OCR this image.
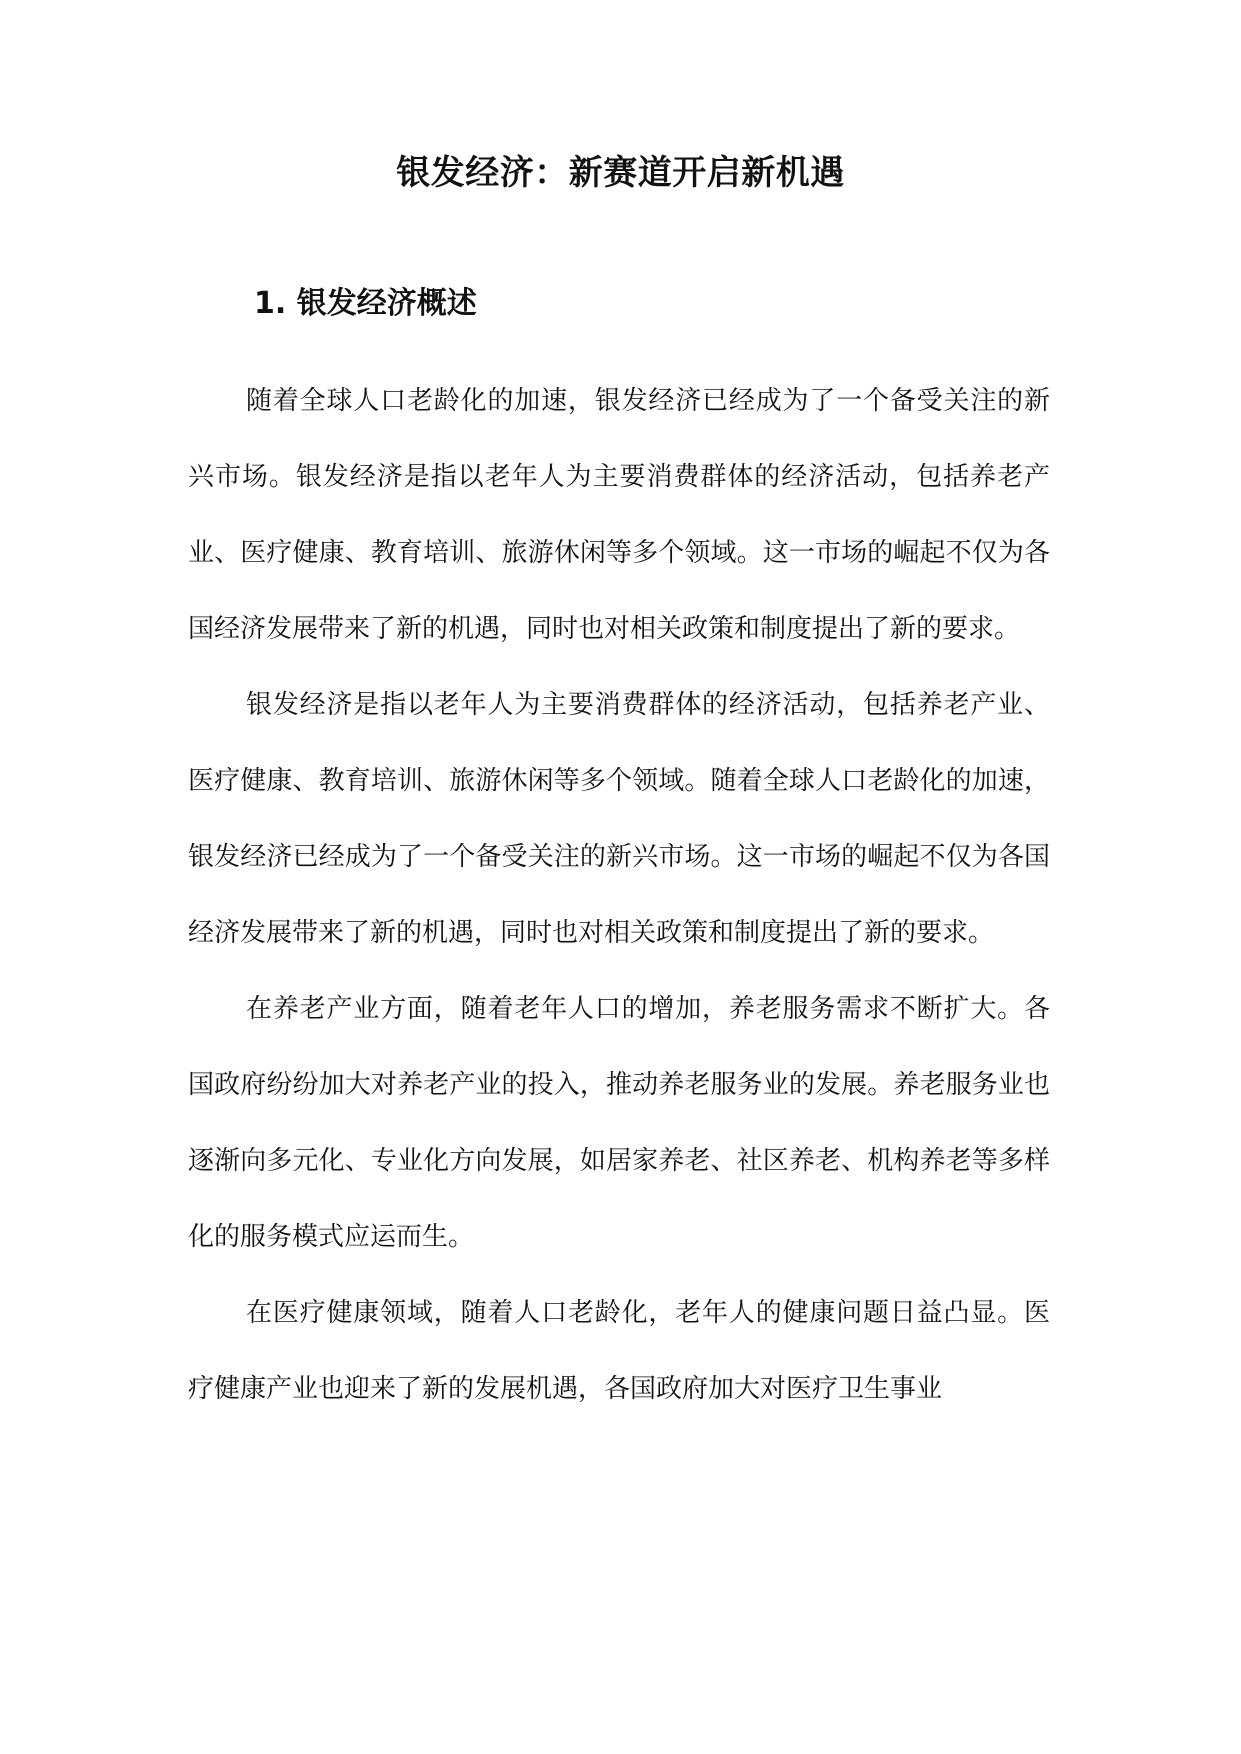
银发经济：新赛道开启新机遇
1. 银发经济概述

随着全球人口老龄化的加速，银发经济已经成为了一个备受关注的新兴市场。银发经济是指以老年人为主要消费群体的经济活动，包括养老产业、医疗健康、教育培训、旅游休闲等多个领域。这一市场的崛起不仅为各国经济发展带来了新的机遇，同时也对相关政策和制度提出了新的要求。

银发经济是指以老年人为主要消费群体的经济活动，包括养老产业、医疗健康、教育培训、旅游休闲等多个领域。随着全球人口老龄化的加速，银发经济已经成为了一个备受关注的新兴市场。这一市场的崛起不仅为各国经济发展带来了新的机遇，同时也对相关政策和制度提出了新的要求。

在养老产业方面，随着老年人口的增加，养老服务需求不断扩大。各国政府纷纷加大对养老产业的投入，推动养老服务业的发展。养老服务业也逐渐向多元化、专业化方向发展，如居家养老、社区养老、机构养老等多样化的服务模式应运而生。

在医疗健康领域，随着人口老龄化，老年人的健康问题日益凸显。医疗健康产业也迎来了新的发展机遇，各国政府加大对医疗卫生事业
